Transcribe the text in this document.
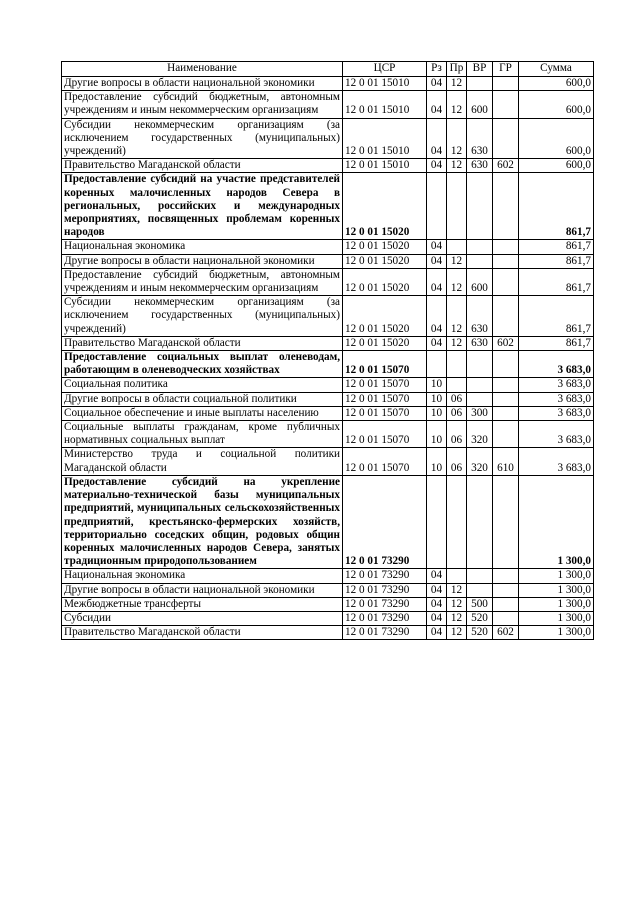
Наименование	ЦСР	Рз	Пр	ВР	ГР	Сумма
Другие вопросы в области национальной экономики	12 0 01 15010	04	12			600,0
Предоставление субсидий бюджетным, автономным учреждениям и иным некоммерческим организациям	12 0 01 15010	04	12	600		600,0
Субсидии некоммерческим организациям (за исключением государственных (муниципальных) учреждений)	12 0 01 15010	04	12	630		600,0
Правительство Магаданской области	12 0 01 15010	04	12	630	602	600,0
Предоставление субсидий на участие представителей коренных малочисленных народов Севера в региональных, российских и международных мероприятиях, посвященных проблемам коренных народов	12 0 01 15020					861,7
Национальная экономика	12 0 01 15020	04				861,7
Другие вопросы в области национальной экономики	12 0 01 15020	04	12			861,7
Предоставление субсидий бюджетным, автономным учреждениям и иным некоммерческим организациям	12 0 01 15020	04	12	600		861,7
Субсидии некоммерческим организациям (за исключением государственных (муниципальных) учреждений)	12 0 01 15020	04	12	630		861,7
Правительство Магаданской области	12 0 01 15020	04	12	630	602	861,7
Предоставление социальных выплат оленеводам, работающим в оленеводческих хозяйствах	12 0 01 15070					3 683,0
Социальная политика	12 0 01 15070	10				3 683,0
Другие вопросы в области социальной политики	12 0 01 15070	10	06			3 683,0
Социальное обеспечение и иные выплаты населению	12 0 01 15070	10	06	300		3 683,0
Социальные выплаты гражданам, кроме публичных нормативных социальных выплат	12 0 01 15070	10	06	320		3 683,0
Министерство труда и социальной политики Магаданской области	12 0 01 15070	10	06	320	610	3 683,0
Предоставление субсидий на укрепление материально-технической базы муниципальных предприятий, муниципальных сельскохозяйственных предприятий, крестьянско-фермерских хозяйств, территориально соседских общин, родовых общин коренных малочисленных народов Севера, занятых традиционным природопользованием	12 0 01 73290					1 300,0
Национальная экономика	12 0 01 73290	04				1 300,0
Другие вопросы в области национальной экономики	12 0 01 73290	04	12			1 300,0
Межбюджетные трансферты	12 0 01 73290	04	12	500		1 300,0
Субсидии	12 0 01 73290	04	12	520		1 300,0
Правительство Магаданской области	12 0 01 73290	04	12	520	602	1 300,0
